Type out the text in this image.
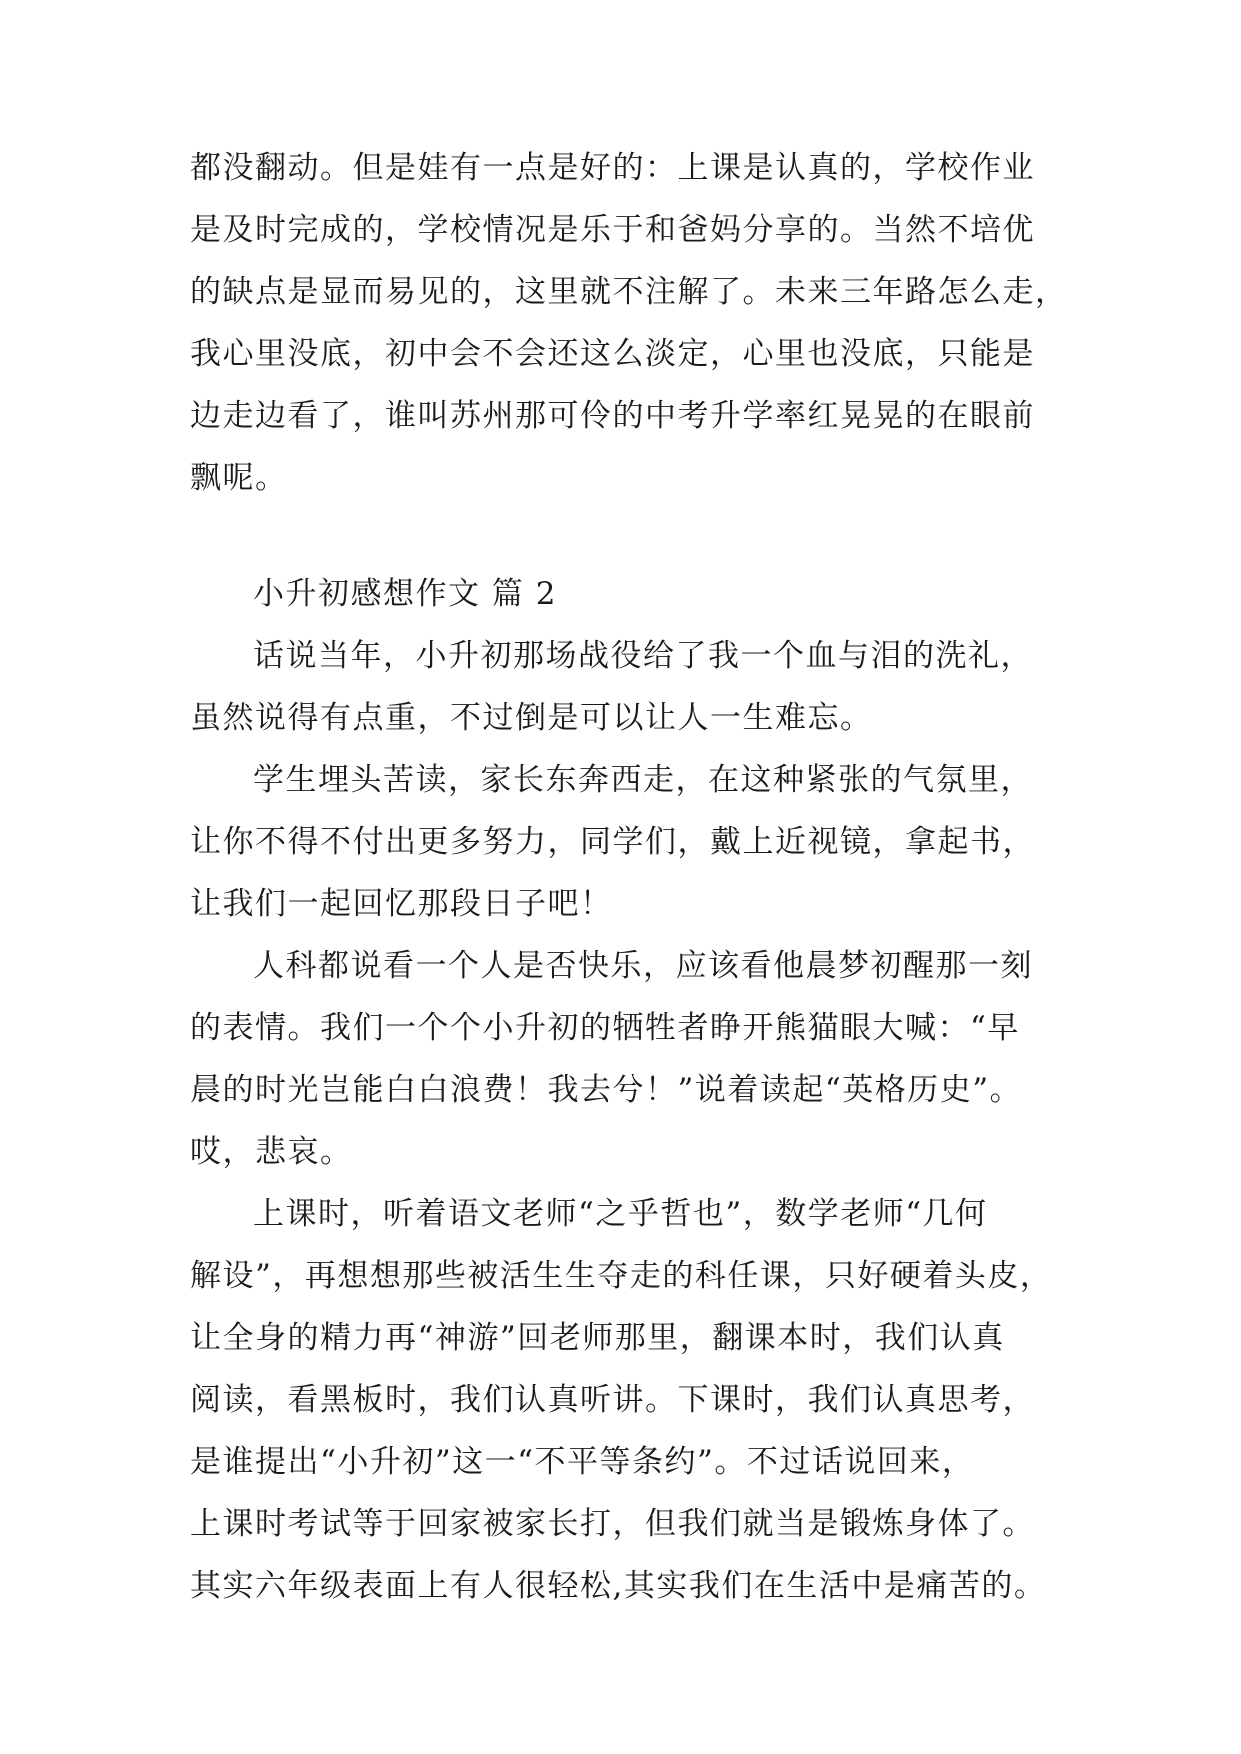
都没翻动。但是娃有一点是好的：上课是认真的，学校作业
是及时完成的，学校情况是乐于和爸妈分享的。当然不培优
的缺点是显而易见的，这里就不注解了。未来三年路怎么走，
我心里没底，初中会不会还这么淡定，心里也没底，只能是
边走边看了，谁叫苏州那可伶的中考升学率红晃晃的在眼前
飘呢。
小升初感想作文 篇 2
话说当年，小升初那场战役给了我一个血与泪的洗礼，
虽然说得有点重，不过倒是可以让人一生难忘。
学生埋头苦读，家长东奔西走，在这种紧张的气氛里，
让你不得不付出更多努力，同学们，戴上近视镜，拿起书，
让我们一起回忆那段日子吧！
人科都说看一个人是否快乐，应该看他晨梦初醒那一刻
的表情。我们一个个小升初的牺牲者睁开熊猫眼大喊：“早
晨的时光岂能白白浪费！我去兮！”说着读起“英格历史”。
哎，悲哀。
上课时，听着语文老师“之乎哲也”，数学老师“几何
解设”，再想想那些被活生生夺走的科任课，只好硬着头皮，
让全身的精力再“神游”回老师那里，翻课本时，我们认真
阅读，看黑板时，我们认真听讲。下课时，我们认真思考，
是谁提出“小升初”这一“不平等条约”。不过话说回来，
上课时考试等于回家被家长打，但我们就当是锻炼身体了。
其实六年级表面上有人很轻松,其实我们在生活中是痛苦的。
